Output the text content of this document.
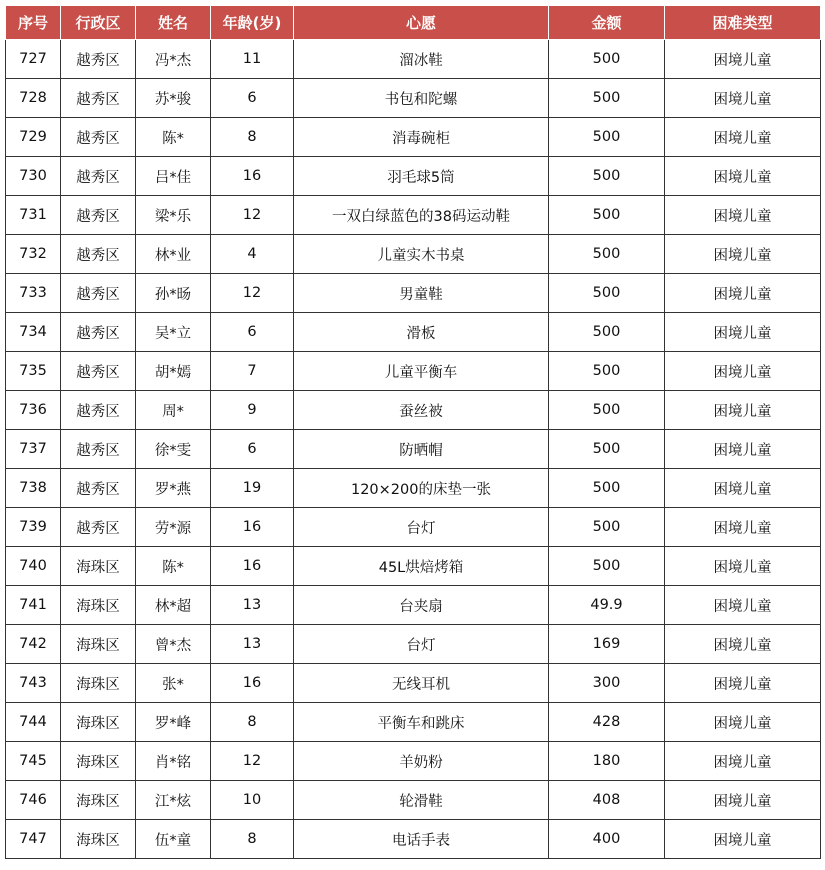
序号	行政区	姓名	年龄(岁)	心愿	金额	困难类型
727	越秀区	冯*杰	11	溜冰鞋	500	困境儿童
728	越秀区	苏*骏	6	书包和陀螺	500	困境儿童
729	越秀区	陈*	8	消毒碗柜	500	困境儿童
730	越秀区	吕*佳	16	羽毛球5筒	500	困境儿童
731	越秀区	梁*乐	12	一双白绿蓝色的38码运动鞋	500	困境儿童
732	越秀区	林*业	4	儿童实木书桌	500	困境儿童
733	越秀区	孙*旸	12	男童鞋	500	困境儿童
734	越秀区	吴*立	6	滑板	500	困境儿童
735	越秀区	胡*嫣	7	儿童平衡车	500	困境儿童
736	越秀区	周*	9	蚕丝被	500	困境儿童
737	越秀区	徐*雯	6	防晒帽	500	困境儿童
738	越秀区	罗*燕	19	120×200的床垫一张	500	困境儿童
739	越秀区	劳*源	16	台灯	500	困境儿童
740	海珠区	陈*	16	45L烘焙烤箱	500	困境儿童
741	海珠区	林*超	13	台夹扇	49.9	困境儿童
742	海珠区	曾*杰	13	台灯	169	困境儿童
743	海珠区	张*	16	无线耳机	300	困境儿童
744	海珠区	罗*峰	8	平衡车和跳床	428	困境儿童
745	海珠区	肖*铭	12	羊奶粉	180	困境儿童
746	海珠区	江*炫	10	轮滑鞋	408	困境儿童
747	海珠区	伍*童	8	电话手表	400	困境儿童
